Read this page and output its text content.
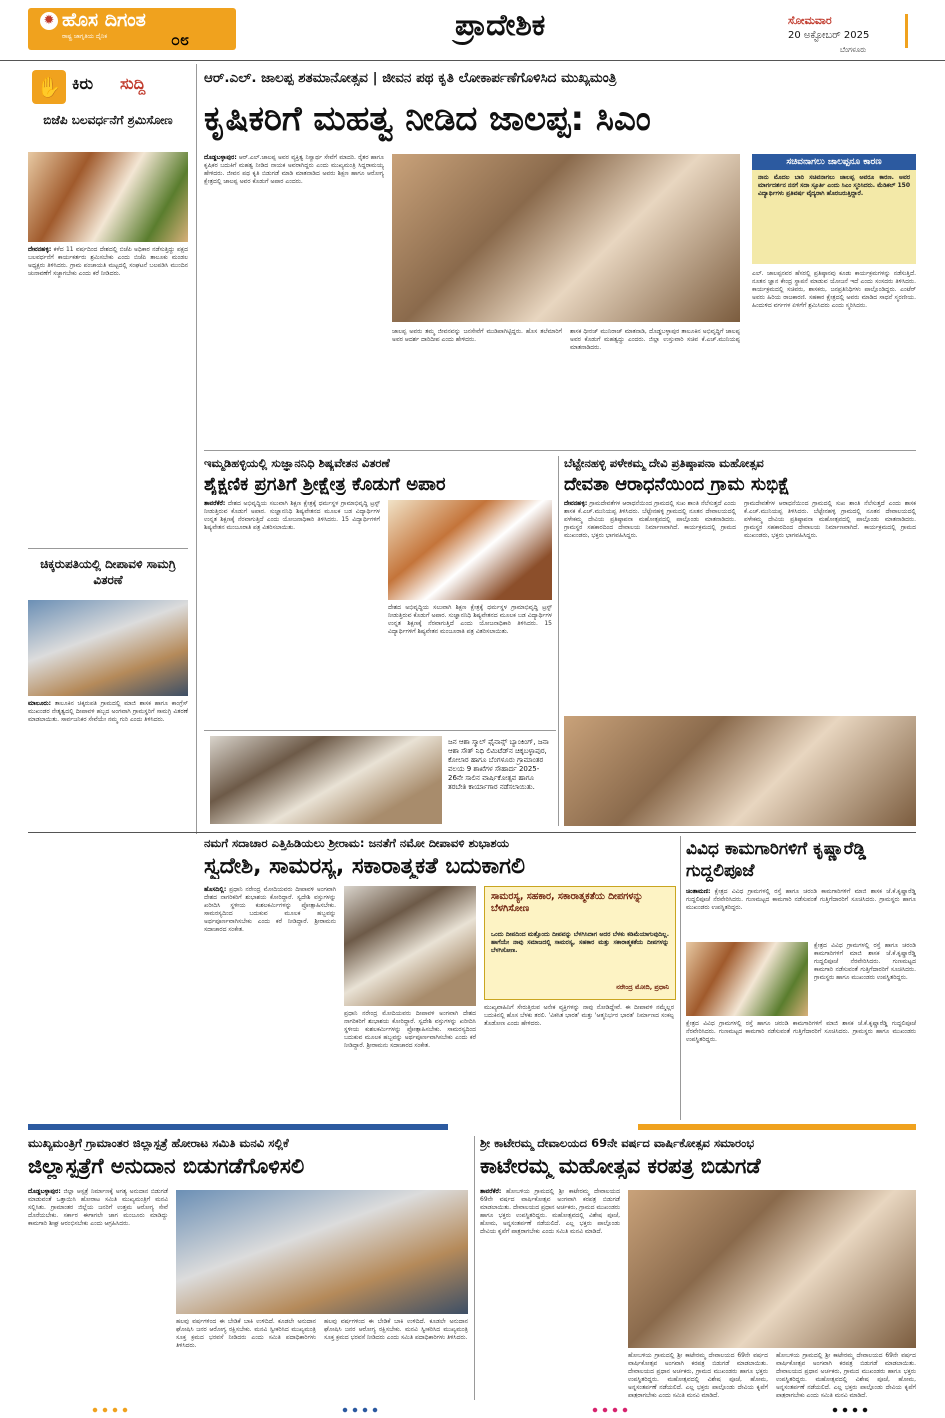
✹ ಹೊಸ ದಿಗಂತ
ರಾಷ್ಟ್ರ ಜಾಗೃತಿಯ ದೈನಿಕ	೦೮	ಪ್ರಾದೇಶಿಕ	ಸೋಮವಾರ
20 ಅಕ್ಟೋಬರ್ 2025
ಬೆಂಗಳೂರು
✋ ಕಿರು ಸುದ್ದಿ
ಬಿಜೆಪಿ ಬಲವರ್ಧನೆಗೆ ಶ್ರಮಿಸೋಣ
ದೇವನಹಳ್ಳಿ: ಕಳೆದ 11 ವರ್ಷದಿಂದ ದೇಶದಲ್ಲಿ ಬಿಜೆಪಿ ಅಧಿಕಾರ ನಡೆಸುತ್ತಿದ್ದು ಪಕ್ಷದ ಬಲವರ್ಧನೆಗೆ ಕಾರ್ಯಕರ್ತರು ಶ್ರಮಿಸಬೇಕು ಎಂದು ಬಿಜೆಪಿ ತಾಲೂಕು ಮಂಡಲ ಅಧ್ಯಕ್ಷರು ತಿಳಿಸಿದರು. ಗ್ರಾಮ ಪಂಚಾಯತಿ ಮಟ್ಟದಲ್ಲಿ ಸಂಘಟನೆ ಬಲಪಡಿಸಿ ಮುಂದಿನ ಚುನಾವಣೆಗೆ ಸಜ್ಜಾಗಬೇಕು ಎಂದು ಕರೆ ನೀಡಿದರು.
ಚಿಕ್ಕರುಪತಿಯಲ್ಲಿ ದೀಪಾವಳಿ ಸಾಮಗ್ರಿ ವಿತರಣೆ
ಮಾಲೂರು: ತಾಲೂಕಿನ ಚಿಕ್ಕರುಪತಿ ಗ್ರಾಮದಲ್ಲಿ ಮಾಜಿ ಶಾಸಕ ಹಾಗೂ ಕಾಂಗ್ರೆಸ್ ಮುಖಂಡರ ನೇತೃತ್ವದಲ್ಲಿ ದೀಪಾವಳಿ ಹಬ್ಬದ ಅಂಗವಾಗಿ ಗ್ರಾಮಸ್ಥರಿಗೆ ಸಾಮಗ್ರಿ ವಿತರಣೆ ಮಾಡಲಾಯಿತು. ಸಾರ್ವಜನಿಕರ ಸೇವೆಯೇ ನಮ್ಮ ಗುರಿ ಎಂದು ತಿಳಿಸಿದರು.
ಆರ್.ಎಲ್. ಜಾಲಪ್ಪ ಶತಮಾನೋತ್ಸವ | ಜೀವನ ಪಥ ಕೃತಿ ಲೋಕಾರ್ಪಣೆಗೊಳಿಸಿದ ಮುಖ್ಯಮಂತ್ರಿ
ಕೃಷಿಕರಿಗೆ ಮಹತ್ವ ನೀಡಿದ ಜಾಲಪ್ಪ: ಸಿಎಂ
ದೊಡ್ಡಬಳ್ಳಾಪುರ: ಆರ್.ಎಲ್.ಜಾಲಪ್ಪ ಅವರ ವ್ಯಕ್ತಿತ್ವ ನಿಸ್ವಾರ್ಥ ಸೇವೆಗೆ ಮಾದರಿ. ರೈತರ ಹಾಗೂ ಕೃಷಿಕರ ಬದುಕಿಗೆ ಮಹತ್ವ ನೀಡಿದ ನಾಯಕ ಅವರಾಗಿದ್ದರು ಎಂದು ಮುಖ್ಯಮಂತ್ರಿ ಸಿದ್ದರಾಮಯ್ಯ ಹೇಳಿದರು. ಜೀವನ ಪಥ ಕೃತಿ ಬಿಡುಗಡೆ ಮಾಡಿ ಮಾತನಾಡಿದ ಅವರು ಶಿಕ್ಷಣ ಹಾಗೂ ಆರೋಗ್ಯ ಕ್ಷೇತ್ರದಲ್ಲಿ ಜಾಲಪ್ಪ ಅವರ ಕೊಡುಗೆ ಅಪಾರ ಎಂದರು.
ಜಾಲಪ್ಪ ಅವರು ತಮ್ಮ ಜೀವನವನ್ನು ಜನಸೇವೆಗೆ ಮುಡಿಪಾಗಿಟ್ಟಿದ್ದರು. ಹೊಸ ತಲೆಮಾರಿಗೆ ಅವರ ಆದರ್ಶ ದಾರಿದೀಪ ಎಂದು ಹೇಳಿದರು.
ಶಾಸಕ ಧೀರಜ್ ಮುನಿರಾಜ್ ಮಾತನಾಡಿ, ದೊಡ್ಡಬಳ್ಳಾಪುರ ತಾಲೂಕಿನ ಅಭಿವೃದ್ಧಿಗೆ ಜಾಲಪ್ಪ ಅವರ ಕೊಡುಗೆ ಮಹತ್ವದ್ದು ಎಂದರು. ಜಿಲ್ಲಾ ಉಸ್ತುವಾರಿ ಸಚಿವ ಕೆ.ಎಚ್.ಮುನಿಯಪ್ಪ ಮಾತನಾಡಿದರು.
ಸಚಿವನಾಗಲು ಜಾಲಪ್ಪನೂ ಕಾರಣ
ನಾನು ಮೊದಲ ಬಾರಿ ಸಚಿವನಾಗಲು ಜಾಲಪ್ಪ ಅವರೂ ಕಾರಣ. ಅವರ ಮಾರ್ಗದರ್ಶನ ನನಗೆ ಸದಾ ಸ್ಫೂರ್ತಿ ಎಂದು ಸಿಎಂ ಸ್ಮರಿಸಿದರು. ಮೆಡಿಕಲ್ 150 ವಿದ್ಯಾರ್ಥಿಗಳು ಪ್ರತಿವರ್ಷ ವೈದ್ಯರಾಗಿ ಹೊರಬರುತ್ತಿದ್ದಾರೆ.
ಎಲ್. ಜಾಲಪ್ಪನವರ ಹೆಸರಲ್ಲಿ ಪ್ರತಿಷ್ಠಾನವು ಕೂಡು ಕಾರ್ಯಕ್ರಮಗಳನ್ನು ನಡೆಸುತ್ತಿದೆ. ನೂತನ ಜ್ಞಾನ ಕೇಂದ್ರ ಸ್ಥಾಪನೆ ಮಾಡುವ ಯೋಜನೆ ಇದೆ ಎಂದು ಸಂಸದರು ತಿಳಿಸಿದರು. ಕಾರ್ಯಕ್ರಮದಲ್ಲಿ ಸಚಿವರು, ಶಾಸಕರು, ಜನಪ್ರತಿನಿಧಿಗಳು ಪಾಲ್ಗೊಂಡಿದ್ದರು. ಎಂಟೆರ್ ಅವರು ಹಿರಿಯ ರಾಜಕಾರಣಿ. ಸಹಕಾರ ಕ್ಷೇತ್ರದಲ್ಲಿ ಅವರು ಮಾಡಿದ ಸಾಧನೆ ಸ್ಮರಣೀಯ. ಹಿಂದುಳಿದ ವರ್ಗಗಳ ಏಳಿಗೆಗೆ ಶ್ರಮಿಸಿದರು ಎಂದು ಸ್ಮರಿಸಿದರು.
ಇಮ್ಮಡಿಹಳ್ಳಿಯಲ್ಲಿ ಸುಜ್ಞಾನನಿಧಿ ಶಿಷ್ಯವೇತನ ವಿತರಣೆ
ಶೈಕ್ಷಣಿಕ ಪ್ರಗತಿಗೆ ಶ್ರೀಕ್ಷೇತ್ರ ಕೊಡುಗೆ ಅಪಾರ
ತಾವರೆಕೆರೆ: ದೇಶದ ಅಭಿವೃದ್ಧಿಯ ಸಲುವಾಗಿ ಶಿಕ್ಷಣ ಕ್ಷೇತ್ರಕ್ಕೆ ಧರ್ಮಸ್ಥಳ ಗ್ರಾಮಾಭಿವೃದ್ಧಿ ಟ್ರಸ್ಟ್ ನೀಡುತ್ತಿರುವ ಕೊಡುಗೆ ಅಪಾರ. ಸುಜ್ಞಾನನಿಧಿ ಶಿಷ್ಯವೇತನದ ಮೂಲಕ ಬಡ ವಿದ್ಯಾರ್ಥಿಗಳ ಉನ್ನತ ಶಿಕ್ಷಣಕ್ಕೆ ನೆರವಾಗುತ್ತಿದೆ ಎಂದು ಯೋಜನಾಧಿಕಾರಿ ತಿಳಿಸಿದರು. 15 ವಿದ್ಯಾರ್ಥಿಗಳಿಗೆ ಶಿಷ್ಯವೇತನ ಮಂಜೂರಾತಿ ಪತ್ರ ವಿತರಿಸಲಾಯಿತು.
ದೇಶದ ಅಭಿವೃದ್ಧಿಯ ಸಲುವಾಗಿ ಶಿಕ್ಷಣ ಕ್ಷೇತ್ರಕ್ಕೆ ಧರ್ಮಸ್ಥಳ ಗ್ರಾಮಾಭಿವೃದ್ಧಿ ಟ್ರಸ್ಟ್ ನೀಡುತ್ತಿರುವ ಕೊಡುಗೆ ಅಪಾರ. ಸುಜ್ಞಾನನಿಧಿ ಶಿಷ್ಯವೇತನದ ಮೂಲಕ ಬಡ ವಿದ್ಯಾರ್ಥಿಗಳ ಉನ್ನತ ಶಿಕ್ಷಣಕ್ಕೆ ನೆರವಾಗುತ್ತಿದೆ ಎಂದು ಯೋಜನಾಧಿಕಾರಿ ತಿಳಿಸಿದರು. 15 ವಿದ್ಯಾರ್ಥಿಗಳಿಗೆ ಶಿಷ್ಯವೇತನ ಮಂಜೂರಾತಿ ಪತ್ರ ವಿತರಿಸಲಾಯಿತು.
ಬೆಟ್ಟೇನಹಳ್ಳಿ ಪಳೇಕಮ್ಮ ದೇವಿ ಪ್ರತಿಷ್ಠಾಪನಾ ಮಹೋತ್ಸವ
ದೇವತಾ ಆರಾಧನೆಯಿಂದ ಗ್ರಾಮ ಸುಭಿಕ್ಷೆ
ದೇವನಹಳ್ಳಿ: ಗ್ರಾಮದೇವತೆಗಳ ಆರಾಧನೆಯಿಂದ ಗ್ರಾಮದಲ್ಲಿ ಸುಖ ಶಾಂತಿ ನೆಲೆಸುತ್ತದೆ ಎಂದು ಶಾಸಕ ಕೆ.ಎಚ್.ಮುನಿಯಪ್ಪ ತಿಳಿಸಿದರು. ಬೆಟ್ಟೇನಹಳ್ಳಿ ಗ್ರಾಮದಲ್ಲಿ ನೂತನ ದೇವಾಲಯದಲ್ಲಿ ಪಳೇಕಮ್ಮ ದೇವಿಯ ಪ್ರತಿಷ್ಠಾಪನಾ ಮಹೋತ್ಸವದಲ್ಲಿ ಪಾಲ್ಗೊಂಡು ಮಾತನಾಡಿದರು. ಗ್ರಾಮಸ್ಥರ ಸಹಕಾರದಿಂದ ದೇವಾಲಯ ನಿರ್ಮಾಣವಾಗಿದೆ. ಕಾರ್ಯಕ್ರಮದಲ್ಲಿ ಗ್ರಾಮದ ಮುಖಂಡರು, ಭಕ್ತರು ಭಾಗವಹಿಸಿದ್ದರು.
ಗ್ರಾಮದೇವತೆಗಳ ಆರಾಧನೆಯಿಂದ ಗ್ರಾಮದಲ್ಲಿ ಸುಖ ಶಾಂತಿ ನೆಲೆಸುತ್ತದೆ ಎಂದು ಶಾಸಕ ಕೆ.ಎಚ್.ಮುನಿಯಪ್ಪ ತಿಳಿಸಿದರು. ಬೆಟ್ಟೇನಹಳ್ಳಿ ಗ್ರಾಮದಲ್ಲಿ ನೂತನ ದೇವಾಲಯದಲ್ಲಿ ಪಳೇಕಮ್ಮ ದೇವಿಯ ಪ್ರತಿಷ್ಠಾಪನಾ ಮಹೋತ್ಸವದಲ್ಲಿ ಪಾಲ್ಗೊಂಡು ಮಾತನಾಡಿದರು. ಗ್ರಾಮಸ್ಥರ ಸಹಕಾರದಿಂದ ದೇವಾಲಯ ನಿರ್ಮಾಣವಾಗಿದೆ. ಕಾರ್ಯಕ್ರಮದಲ್ಲಿ ಗ್ರಾಮದ ಮುಖಂಡರು, ಭಕ್ತರು ಭಾಗವಹಿಸಿದ್ದರು.
ಜನ ಆಶಾ ಸ್ಮಾಲ್ ಫೈನಾನ್ಸ್ ಬ್ಯಾಂಕಿಂಗ್, ಜನಾ ಆಶಾ ಸೌತ್ ನಿಧಿ ಲಿಮಿಟೆಡ್‌ನ ಚಿಕ್ಕಬಳ್ಳಾಪುರ, ಕೋಲಾರ ಹಾಗೂ ಬೆಂಗಳೂರು ಗ್ರಾಮಾಂತರ ವಲಯ 9 ಶಾಖೆಗಳ ಸೌಹಾರ್ದ 2025-26ನೇ ಸಾಲಿನ ವಾರ್ಷಿಕೋತ್ಸವ ಹಾಗೂ ತರಬೇತಿ ಕಾರ್ಯಾಗಾರ ನಡೆಸಲಾಯಿತು.
ನಮಗೆ ಸದಾಚಾರ ಎತ್ತಿಹಿಡಿಯಲು ಶ್ರೀರಾಮ: ಜನತೆಗೆ ನಮೋ ದೀಪಾವಳಿ ಶುಭಾಶಯ
ಸ್ವದೇಶಿ, ಸಾಮರಸ್ಯ, ಸಕಾರಾತ್ಮಕತೆ ಬದುಕಾಗಲಿ
ಹೊಸದಿಲ್ಲಿ: ಪ್ರಧಾನಿ ನರೇಂದ್ರ ಮೋದಿಯವರು ದೀಪಾವಳಿ ಅಂಗವಾಗಿ ದೇಶದ ನಾಗರಿಕರಿಗೆ ಶುಭಾಶಯ ಕೋರಿದ್ದಾರೆ. ಸ್ವದೇಶಿ ವಸ್ತುಗಳನ್ನು ಖರೀದಿಸಿ ಸ್ಥಳೀಯ ಕುಶಲಕರ್ಮಿಗಳನ್ನು ಪ್ರೋತ್ಸಾಹಿಸಬೇಕು. ಸಾಮರಸ್ಯದಿಂದ ಬದುಕುವ ಮೂಲಕ ಹಬ್ಬವನ್ನು ಅರ್ಥಪೂರ್ಣವಾಗಿಸಬೇಕು ಎಂದು ಕರೆ ನೀಡಿದ್ದಾರೆ. ಶ್ರೀರಾಮನು ಸದಾಚಾರದ ಸಂಕೇತ.
ಪ್ರಧಾನಿ ನರೇಂದ್ರ ಮೋದಿಯವರು ದೀಪಾವಳಿ ಅಂಗವಾಗಿ ದೇಶದ ನಾಗರಿಕರಿಗೆ ಶುಭಾಶಯ ಕೋರಿದ್ದಾರೆ. ಸ್ವದೇಶಿ ವಸ್ತುಗಳನ್ನು ಖರೀದಿಸಿ ಸ್ಥಳೀಯ ಕುಶಲಕರ್ಮಿಗಳನ್ನು ಪ್ರೋತ್ಸಾಹಿಸಬೇಕು. ಸಾಮರಸ್ಯದಿಂದ ಬದುಕುವ ಮೂಲಕ ಹಬ್ಬವನ್ನು ಅರ್ಥಪೂರ್ಣವಾಗಿಸಬೇಕು ಎಂದು ಕರೆ ನೀಡಿದ್ದಾರೆ. ಶ್ರೀರಾಮನು ಸದಾಚಾರದ ಸಂಕೇತ.
ಸಾಮರಸ್ಯ, ಸಹಕಾರ, ಸಕಾರಾತ್ಮಕತೆಯ ದೀಪಗಳನ್ನು ಬೆಳಗಿಸೋಣ
ಒಂದು ದೀಪದಿಂದ ಮತ್ತೊಂದು ದೀಪವನ್ನು ಬೆಳಗಿಸಿದಾಗ ಅದರ ಬೆಳಕು ಕಡಿಮೆಯಾಗುವುದಿಲ್ಲ. ಹಾಗೆಯೇ ನಾವು ಸಮಾಜದಲ್ಲಿ ಸಾಮರಸ್ಯ, ಸಹಕಾರ ಮತ್ತು ಸಕಾರಾತ್ಮಕತೆಯ ದೀಪಗಳನ್ನು ಬೆಳಗಿಸೋಣ.
ನರೇಂದ್ರ ಮೋದಿ, ಪ್ರಧಾನಿ
ಮುಖ್ಯವಾಹಿನಿಗೆ ಸೇರುತ್ತಿರುವ ಅನೇಕ ವ್ಯಕ್ತಿಗಳನ್ನು ನಾವು ನೋಡಿದ್ದೇವೆ. ಈ ದೀಪಾವಳಿ ನಮ್ಮೆಲ್ಲರ ಬದುಕಿನಲ್ಲಿ ಹೊಸ ಬೆಳಕು ತರಲಿ. 'ವಿಕಸಿತ ಭಾರತ' ಮತ್ತು 'ಆತ್ಮನಿರ್ಭರ ಭಾರತ' ನಿರ್ಮಾಣದ ಸಂಕಲ್ಪ ತೊಡೋಣ ಎಂದು ಹೇಳಿದರು.
ವಿವಿಧ ಕಾಮಗಾರಿಗಳಿಗೆ ಕೃಷ್ಣಾರೆಡ್ಡಿ ಗುದ್ದಲಿಪೂಜೆ
ಚಿಂತಾಮಣಿ: ಕ್ಷೇತ್ರದ ವಿವಿಧ ಗ್ರಾಮಗಳಲ್ಲಿ ರಸ್ತೆ ಹಾಗೂ ಚರಂಡಿ ಕಾಮಗಾರಿಗಳಿಗೆ ಮಾಜಿ ಶಾಸಕ ಜೆ.ಕೆ.ಕೃಷ್ಣಾರೆಡ್ಡಿ ಗುದ್ದಲಿಪೂಜೆ ನೆರವೇರಿಸಿದರು. ಗುಣಮಟ್ಟದ ಕಾಮಗಾರಿ ನಡೆಸುವಂತೆ ಗುತ್ತಿಗೆದಾರರಿಗೆ ಸೂಚಿಸಿದರು. ಗ್ರಾಮಸ್ಥರು ಹಾಗೂ ಮುಖಂಡರು ಉಪಸ್ಥಿತರಿದ್ದರು.
ಕ್ಷೇತ್ರದ ವಿವಿಧ ಗ್ರಾಮಗಳಲ್ಲಿ ರಸ್ತೆ ಹಾಗೂ ಚರಂಡಿ ಕಾಮಗಾರಿಗಳಿಗೆ ಮಾಜಿ ಶಾಸಕ ಜೆ.ಕೆ.ಕೃಷ್ಣಾರೆಡ್ಡಿ ಗುದ್ದಲಿಪೂಜೆ ನೆರವೇರಿಸಿದರು. ಗುಣಮಟ್ಟದ ಕಾಮಗಾರಿ ನಡೆಸುವಂತೆ ಗುತ್ತಿಗೆದಾರರಿಗೆ ಸೂಚಿಸಿದರು. ಗ್ರಾಮಸ್ಥರು ಹಾಗೂ ಮುಖಂಡರು ಉಪಸ್ಥಿತರಿದ್ದರು.
ಕ್ಷೇತ್ರದ ವಿವಿಧ ಗ್ರಾಮಗಳಲ್ಲಿ ರಸ್ತೆ ಹಾಗೂ ಚರಂಡಿ ಕಾಮಗಾರಿಗಳಿಗೆ ಮಾಜಿ ಶಾಸಕ ಜೆ.ಕೆ.ಕೃಷ್ಣಾರೆಡ್ಡಿ ಗುದ್ದಲಿಪೂಜೆ ನೆರವೇರಿಸಿದರು. ಗುಣಮಟ್ಟದ ಕಾಮಗಾರಿ ನಡೆಸುವಂತೆ ಗುತ್ತಿಗೆದಾರರಿಗೆ ಸೂಚಿಸಿದರು. ಗ್ರಾಮಸ್ಥರು ಹಾಗೂ ಮುಖಂಡರು ಉಪಸ್ಥಿತರಿದ್ದರು.
ಮುಖ್ಯಮಂತ್ರಿಗೆ ಗ್ರಾಮಾಂತರ ಜಿಲ್ಲಾಸ್ಪತ್ರೆ ಹೋರಾಟ ಸಮಿತಿ ಮನವಿ ಸಲ್ಲಿಕೆ
ಜಿಲ್ಲಾಸ್ಪತ್ರೆಗೆ ಅನುದಾನ ಬಿಡುಗಡೆಗೊಳಿಸಲಿ
ದೊಡ್ಡಬಳ್ಳಾಪುರ: ಜಿಲ್ಲಾ ಆಸ್ಪತ್ರೆ ನಿರ್ಮಾಣಕ್ಕೆ ಅಗತ್ಯ ಅನುದಾನ ಬಿಡುಗಡೆ ಮಾಡುವಂತೆ ಒತ್ತಾಯಿಸಿ ಹೋರಾಟ ಸಮಿತಿ ಮುಖ್ಯಮಂತ್ರಿಗೆ ಮನವಿ ಸಲ್ಲಿಸಿತು. ಗ್ರಾಮಾಂತರ ಜಿಲ್ಲೆಯ ಜನರಿಗೆ ಉತ್ತಮ ಆರೋಗ್ಯ ಸೇವೆ ದೊರೆಯಬೇಕು. ಸರ್ಕಾರ ಈಗಾಗಲೇ ಜಾಗ ಮಂಜೂರು ಮಾಡಿದ್ದು ಕಾಮಗಾರಿ ಶೀಘ್ರ ಆರಂಭಿಸಬೇಕು ಎಂದು ಆಗ್ರಹಿಸಿದರು.
ಹಲವು ವರ್ಷಗಳಿಂದ ಈ ಬೇಡಿಕೆ ಬಾಕಿ ಉಳಿದಿದೆ. ಕೂಡಲೇ ಅನುದಾನ ಘೋಷಿಸಿ ಜನರ ಆರೋಗ್ಯ ರಕ್ಷಿಸಬೇಕು. ಮನವಿ ಸ್ವೀಕರಿಸಿದ ಮುಖ್ಯಮಂತ್ರಿ ಸೂಕ್ತ ಕ್ರಮದ ಭರವಸೆ ನೀಡಿದರು ಎಂದು ಸಮಿತಿ ಪದಾಧಿಕಾರಿಗಳು ತಿಳಿಸಿದರು.
ಹಲವು ವರ್ಷಗಳಿಂದ ಈ ಬೇಡಿಕೆ ಬಾಕಿ ಉಳಿದಿದೆ. ಕೂಡಲೇ ಅನುದಾನ ಘೋಷಿಸಿ ಜನರ ಆರೋಗ್ಯ ರಕ್ಷಿಸಬೇಕು. ಮನವಿ ಸ್ವೀಕರಿಸಿದ ಮುಖ್ಯಮಂತ್ರಿ ಸೂಕ್ತ ಕ್ರಮದ ಭರವಸೆ ನೀಡಿದರು ಎಂದು ಸಮಿತಿ ಪದಾಧಿಕಾರಿಗಳು ತಿಳಿಸಿದರು.
ಶ್ರೀ ಕಾಟೇರಮ್ಮ ದೇವಾಲಯದ 69ನೇ ವರ್ಷದ ವಾರ್ಷಿಕೋತ್ಸವ ಸಮಾರಂಭ
ಕಾಟೇರಮ್ಮ ಮಹೋತ್ಸವ ಕರಪತ್ರ ಬಿಡುಗಡೆ
ತಾವರೆಕೆರೆ: ಹೋಬಳಿಯ ಗ್ರಾಮದಲ್ಲಿ ಶ್ರೀ ಕಾಟೇರಮ್ಮ ದೇವಾಲಯದ 69ನೇ ವರ್ಷದ ವಾರ್ಷಿಕೋತ್ಸವ ಅಂಗವಾಗಿ ಕರಪತ್ರ ಬಿಡುಗಡೆ ಮಾಡಲಾಯಿತು. ದೇವಾಲಯದ ಪ್ರಧಾನ ಅರ್ಚಕರು, ಗ್ರಾಮದ ಮುಖಂಡರು ಹಾಗೂ ಭಕ್ತರು ಉಪಸ್ಥಿತರಿದ್ದರು. ಮಹೋತ್ಸವದಲ್ಲಿ ವಿಶೇಷ ಪೂಜೆ, ಹೋಮ, ಅನ್ನಸಂತರ್ಪಣೆ ನಡೆಯಲಿದೆ. ಎಲ್ಲ ಭಕ್ತರು ಪಾಲ್ಗೊಂಡು ದೇವಿಯ ಕೃಪೆಗೆ ಪಾತ್ರರಾಗಬೇಕು ಎಂದು ಸಮಿತಿ ಮನವಿ ಮಾಡಿದೆ.
ಹೋಬಳಿಯ ಗ್ರಾಮದಲ್ಲಿ ಶ್ರೀ ಕಾಟೇರಮ್ಮ ದೇವಾಲಯದ 69ನೇ ವರ್ಷದ ವಾರ್ಷಿಕೋತ್ಸವ ಅಂಗವಾಗಿ ಕರಪತ್ರ ಬಿಡುಗಡೆ ಮಾಡಲಾಯಿತು. ದೇವಾಲಯದ ಪ್ರಧಾನ ಅರ್ಚಕರು, ಗ್ರಾಮದ ಮುಖಂಡರು ಹಾಗೂ ಭಕ್ತರು ಉಪಸ್ಥಿತರಿದ್ದರು. ಮಹೋತ್ಸವದಲ್ಲಿ ವಿಶೇಷ ಪೂಜೆ, ಹೋಮ, ಅನ್ನಸಂತರ್ಪಣೆ ನಡೆಯಲಿದೆ. ಎಲ್ಲ ಭಕ್ತರು ಪಾಲ್ಗೊಂಡು ದೇವಿಯ ಕೃಪೆಗೆ ಪಾತ್ರರಾಗಬೇಕು ಎಂದು ಸಮಿತಿ ಮನವಿ ಮಾಡಿದೆ.
ಹೋಬಳಿಯ ಗ್ರಾಮದಲ್ಲಿ ಶ್ರೀ ಕಾಟೇರಮ್ಮ ದೇವಾಲಯದ 69ನೇ ವರ್ಷದ ವಾರ್ಷಿಕೋತ್ಸವ ಅಂಗವಾಗಿ ಕರಪತ್ರ ಬಿಡುಗಡೆ ಮಾಡಲಾಯಿತು. ದೇವಾಲಯದ ಪ್ರಧಾನ ಅರ್ಚಕರು, ಗ್ರಾಮದ ಮುಖಂಡರು ಹಾಗೂ ಭಕ್ತರು ಉಪಸ್ಥಿತರಿದ್ದರು. ಮಹೋತ್ಸವದಲ್ಲಿ ವಿಶೇಷ ಪೂಜೆ, ಹೋಮ, ಅನ್ನಸಂತರ್ಪಣೆ ನಡೆಯಲಿದೆ. ಎಲ್ಲ ಭಕ್ತರು ಪಾಲ್ಗೊಂಡು ದೇವಿಯ ಕೃಪೆಗೆ ಪಾತ್ರರಾಗಬೇಕು ಎಂದು ಸಮಿತಿ ಮನವಿ ಮಾಡಿದೆ.
